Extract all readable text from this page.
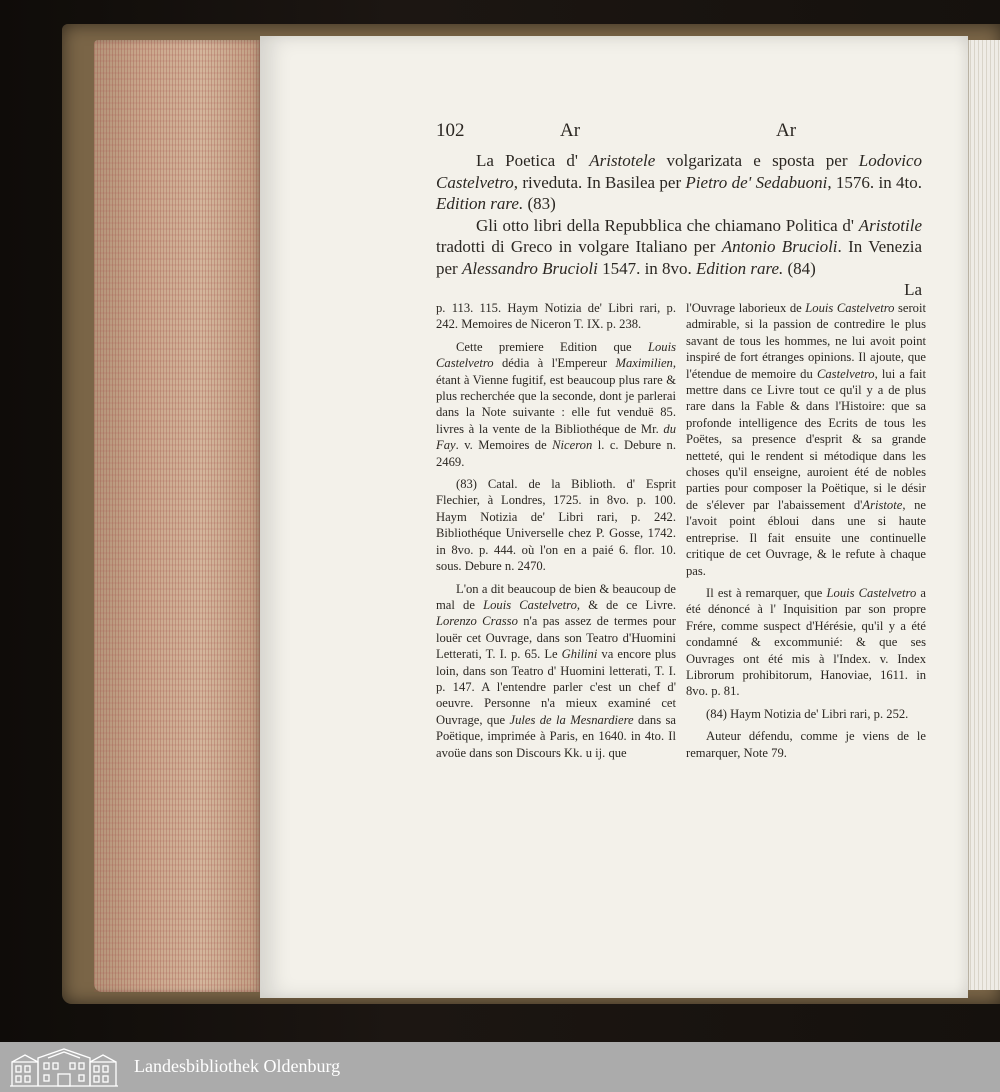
102	Ar	Ar

La Poetica d' Aristotele volgarizata e sposta per Lodovico Castelvetro, riveduta. In Basilea per Pietro de' Sedabuoni, 1576. in 4to. Edition rare. (83)

Gli otto libri della Repubblica che chiamano Politica d' Aristotile tradotti di Greco in volgare Italiano per Antonio Brucioli. In Venezia per Alessandro Brucioli 1547. in 8vo. Edition rare. (84)

La

p. 113. 115. Haym Notizia de' Libri rari, p. 242. Memoires de Niceron T. IX. p. 238.

Cette premiere Edition que Louis Castelvetro dédia à l'Empereur Maximilien, étant à Vienne fugitif, est beaucoup plus rare & plus recherchée que la seconde, dont je parlerai dans la Note suivante : elle fut venduë 85. livres à la vente de la Bibliothéque de Mr. du Fay. v. Memoires de Niceron l. c. Debure n. 2469.

(83) Catal. de la Biblioth. d' Esprit Flechier, à Londres, 1725. in 8vo. p. 100. Haym Notizia de' Libri rari, p. 242. Bibliothéque Universelle chez P. Gosse, 1742. in 8vo. p. 444. où l'on en a paié 6. flor. 10. sous. Debure n. 2470.

L'on a dit beaucoup de bien & beaucoup de mal de Louis Castelvetro, & de ce Livre. Lorenzo Crasso n'a pas assez de termes pour louër cet Ouvrage, dans son Teatro d'Huomini Letterati, T. I. p. 65. Le Ghilini va encore plus loin, dans son Teatro d' Huomini letterati, T. I. p. 147. A l'entendre parler c'est un chef d' oeuvre. Personne n'a mieux examiné cet Ouvrage, que Jules de la Mesnardiere dans sa Poëtique, imprimée à Paris, en 1640. in 4to. Il avoüe dans son Discours Kk. u ij. que

l'Ouvrage laborieux de Louis Castelvetro seroit admirable, si la passion de contredire le plus savant de tous les hommes, ne lui avoit point inspiré de fort étranges opinions. Il ajoute, que l'étendue de memoire du Castelvetro, lui a fait mettre dans ce Livre tout ce qu'il y a de plus rare dans la Fable & dans l'Histoire: que sa profonde intelligence des Ecrits de tous les Poëtes, sa presence d'esprit & sa grande netteté, qui le rendent si métodique dans les choses qu'il enseigne, auroient été de nobles parties pour composer la Poëtique, si le désir de s'élever par l'abaissement d'Aristote, ne l'avoit point ébloui dans une si haute entreprise. Il fait ensuite une continuelle critique de cet Ouvrage, & le refute à chaque pas.

Il est à remarquer, que Louis Castelvetro a été dénoncé à l' Inquisition par son propre Frére, comme suspect d'Hérésie, qu'il y a été condamné & excommunié: & que ses Ouvrages ont été mis à l'Index. v. Index Librorum prohibitorum, Hanoviae, 1611. in 8vo. p. 81.

(84) Haym Notizia de' Libri rari, p. 252.

Auteur défendu, comme je viens de le remarquer, Note 79.

Landesbibliothek Oldenburg
